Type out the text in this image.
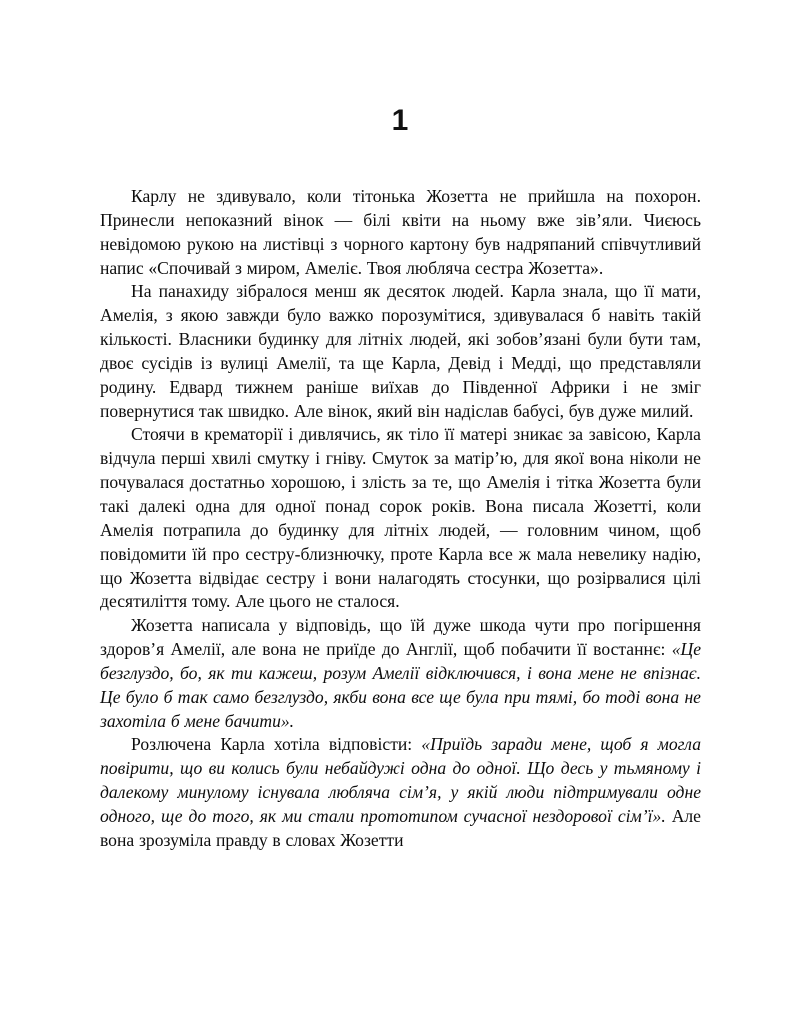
1

Карлу не здивувало, коли тітонька Жозетта не прийшла на похорон. Принесли непоказний вінок — білі квіти на ньому вже зів’яли. Чиєюсь невідомою рукою на листівці з чорного картону був надряпаний співчутливий напис «Спочивай з миром, Амеліє. Твоя любляча сестра Жозетта».

На панахиду зібралося менш як десяток людей. Карла знала, що її мати, Амелія, з якою завжди було важко порозумітися, здивувалася б навіть такій кількості. Власники будинку для літніх людей, які зобов’язані були бути там, двоє сусідів із вулиці Амелії, та ще Карла, Девід і Медді, що представляли родину. Едвард тижнем раніше виїхав до Південної Африки і не зміг повернутися так швидко. Але вінок, який він надіслав бабусі, був дуже милий.

Стоячи в крематорії і дивлячись, як тіло її матері зникає за завісою, Карла відчула перші хвилі смутку і гніву. Смуток за матір’ю, для якої вона ніколи не почувалася достатньо хорошою, і злість за те, що Амелія і тітка Жозетта були такі далекі одна для одної понад сорок років. Вона писала Жозетті, коли Амелія потрапила до будинку для літніх людей, — головним чином, щоб повідомити їй про сестру-близнючку, проте Карла все ж мала невелику надію, що Жозетта відвідає сестру і вони налагодять стосунки, що розірвалися цілі десятиліття тому. Але цього не сталося.

Жозетта написала у відповідь, що їй дуже шкода чути про погіршення здоров’я Амелії, але вона не приїде до Англії, щоб побачити її востаннє: «Це безглуздо, бо, як ти кажеш, розум Амелії відключився, і вона мене не впізнає. Це було б так само безглуздо, якби вона все ще була при тямі, бо тоді вона не захотіла б мене бачити».

Розлючена Карла хотіла відповісти: «Приїдь заради мене, щоб я могла повірити, що ви колись були небайдужі одна до одної. Що десь у тьмяному і далекому минулому існувала любляча сім’я, у якій люди підтримували одне одного, ще до того, як ми стали прототипом сучасної нездорової сім’ї». Але вона зрозуміла правду в словах Жозетти
